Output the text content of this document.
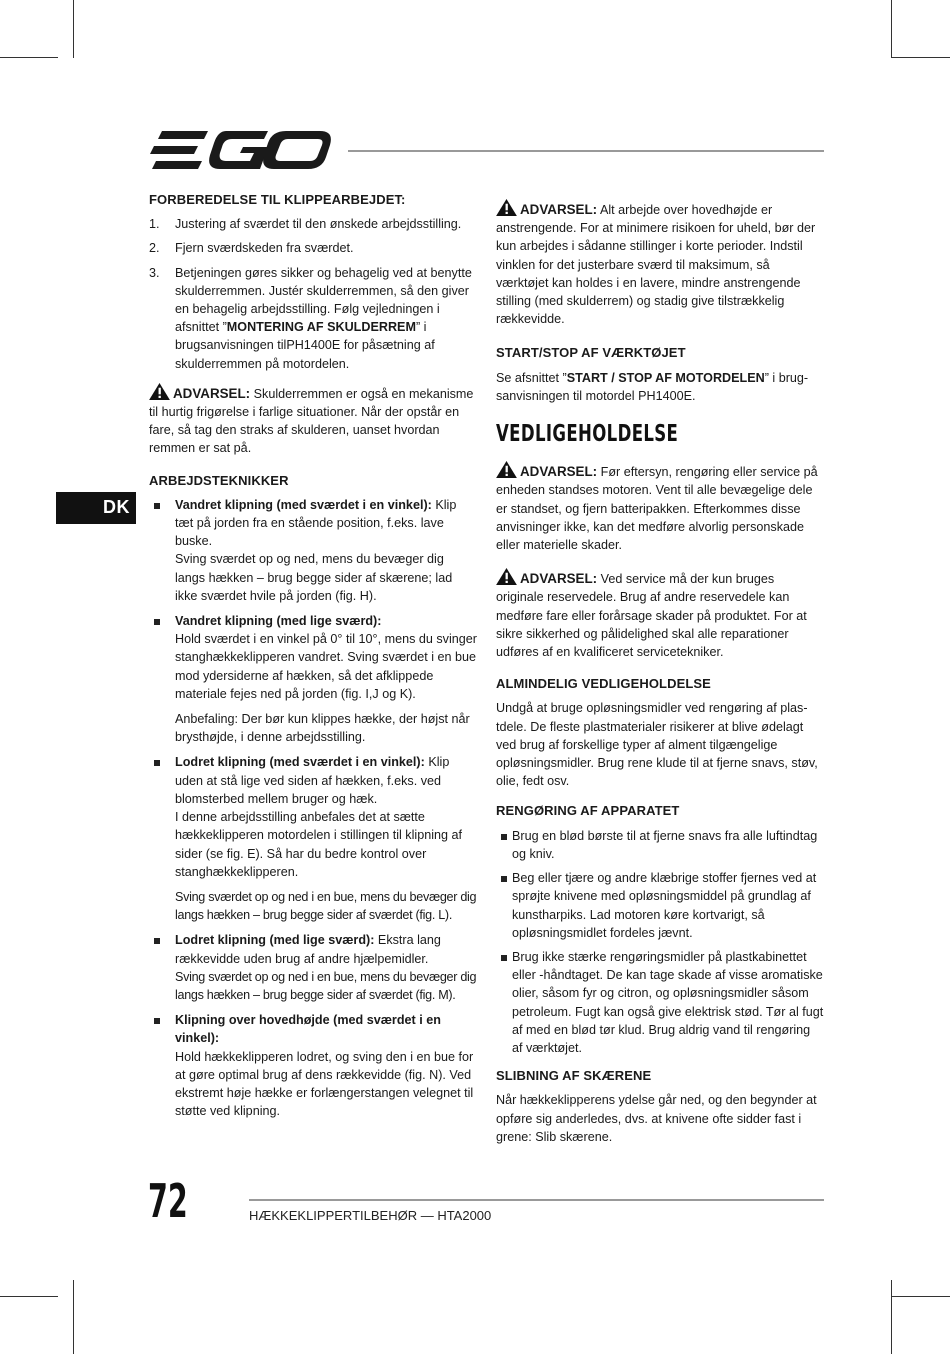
DK
FORBEREDELSE TIL KLIPPEARBEJDET:
1. Justering af sværdet til den ønskede arbejdsstilling.
2. Fjern sværdskeden fra sværdet.
3. Betjeningen gøres sikker og behagelig ved at benytte skulderremmen. Justér skulderremmen, så den giver en behagelig arbejdsstilling. Følg vejledningen i afsnittet ”MONTERING AF SKULDERREM” i brugsanvisningen tilPH1400E for påsætning af skulderremmen på motordelen.

ADVARSEL: Skulderremmen er også en mekanisme til hurtig frigørelse i farlige situationer. Når der opstår en fare, så tag den straks af skulderen, uanset hvordan remmen er sat på.

ARBEJDSTEKNIKKER
Vandret klipning (med sværdet i en vinkel): Klip tæt på jorden fra en stående position, f.eks. lave buske.

Sving sværdet op og ned, mens du bevæger dig langs hækken – brug begge sider af skærene; lad ikke sværdet hvile på jorden (fig. H).

Vandret klipning (med lige sværd):

Hold sværdet i en vinkel på 0° til 10°, mens du svinger stanghækkeklipperen vandret. Sving sværdet i en bue mod ydersiderne af hækken, så det afklippede materiale fejes ned på jorden (fig. I,J og K).

Anbefaling: Der bør kun klippes hække, der højst når brysthøjde, i denne arbejdsstilling.

Lodret klipning (med sværdet i en vinkel): Klip uden at stå lige ved siden af hækken, f.eks. ved blomsterbed mellem bruger og hæk.

I denne arbejdsstilling anbefales det at sætte hækkeklipperen motordelen i stillingen til klipning af sider (se fig. E). Så har du bedre kontrol over stanghækkeklipperen.

Sving sværdet op og ned i en bue, mens du bevæger dig langs hækken – brug begge sider af sværdet (fig. L).

Lodret klipning (med lige sværd): Ekstra lang rækkevidde uden brug af andre hjælpemidler.

Sving sværdet op og ned i en bue, mens du bevæger dig langs hækken – brug begge sider af sværdet (fig. M).

Klipning over hovedhøjde (med sværdet i en vinkel):

Hold hækkeklipperen lodret, og sving den i en bue for at gøre optimal brug af dens rækkevidde (fig. N). Ved ekstremt høje hække er forlængerstangen velegnet til støtte ved klipning.

ADVARSEL: Alt arbejde over hovedhøjde er anstrengende. For at minimere risikoen for uheld, bør der kun arbejdes i sådanne stillinger i korte perioder. Indstil vinklen for det justerbare sværd til maksimum, så værktøjet kan holdes i en lavere, mindre anstrengende stilling (med skulderrem) og stadig give tilstrækkelig rækkevidde.

START/STOP AF VÆRKTØJET

Se afsnittet ”START / STOP AF MOTORDELEN” i brug-sanvisningen til motordel PH1400E.

VEDLIGEHOLDELSE

ADVARSEL: Før eftersyn, rengøring eller service på enheden standses motoren. Vent til alle bevægelige dele er standset, og fjern batteripakken. Efterkommes disse anvisninger ikke, kan det medføre alvorlig personskade eller materielle skader.

ADVARSEL: Ved service må der kun bruges originale reservedele. Brug af andre reservedele kan medføre fare eller forårsage skader på produktet. For at sikre sikkerhed og pålidelighed skal alle reparationer udføres af en kvalificeret servicetekniker.

ALMINDELIG VEDLIGEHOLDELSE

Undgå at bruge opløsningsmidler ved rengøring af plas-tdele. De fleste plastmaterialer risikerer at blive ødelagt ved brug af forskellige typer af alment tilgængelige opløsningsmidler. Brug rene klude til at fjerne snavs, støv, olie, fedt osv.

RENGØRING AF APPARATET
Brug en blød børste til at fjerne snavs fra alle luftindtag og kniv.
Beg eller tjære og andre klæbrige stoffer fjernes ved at sprøjte knivene med opløsningsmiddel på grundlag af kunstharpiks. Lad motoren køre kortvarigt, så opløsningsmidlet fordeles jævnt.
Brug ikke stærke rengøringsmidler på plastkabinettet eller -håndtaget. De kan tage skade af visse aromatiske olier, såsom fyr og citron, og opløsningsmidler såsom petroleum. Fugt kan også give elektrisk stød. Tør al fugt af med en blød tør klud. Brug aldrig vand til rengøring af værktøjet.
SLIBNING AF SKÆRENE

Når hækkeklipperens ydelse går ned, og den begynder at opføre sig anderledes, dvs. at knivene ofte sidder fast i grene: Slib skærene.

72	HÆKKEKLIPPERTILBEHØR — HTA2000
